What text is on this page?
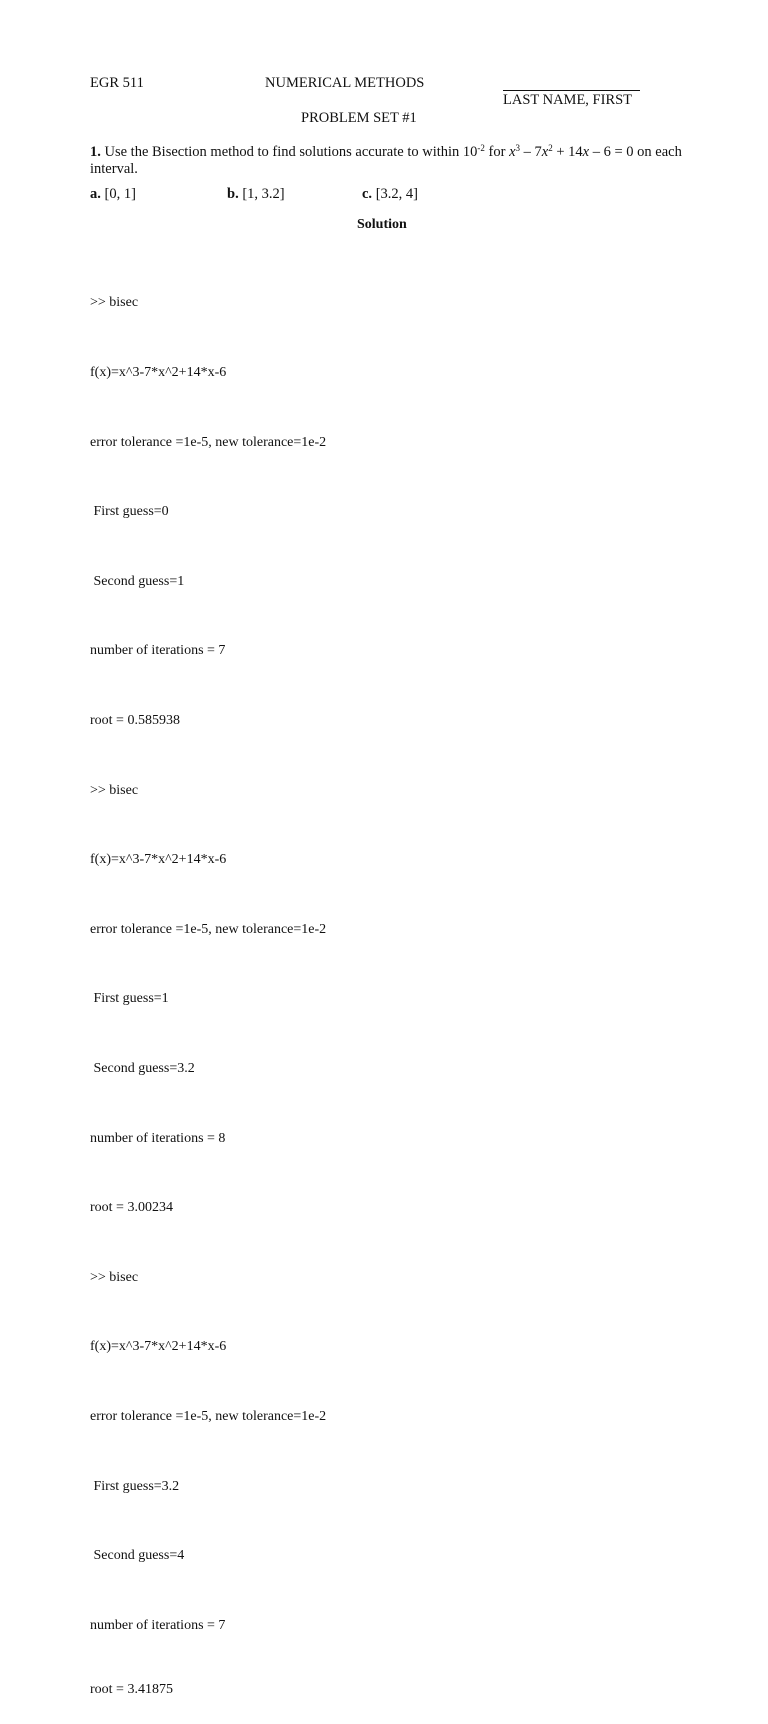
EGR 511	NUMERICAL METHODS
LAST NAME, FIRST
PROBLEM SET #1
1. Use the Bisection method to find solutions accurate to within $10^{-2}$ for $x^3 - 7x^2 + 14x - 6 = 0$ on each interval.
a. [0, 1]	b. [1, 3.2]	c. [3.2, 4]
Solution

>> bisec

f(x)=x^3-7*x^2+14*x-6

error tolerance =1e-5, new tolerance=1e-2

First guess=0

Second guess=1

number of iterations = 7

root = 0.585938

>> bisec

f(x)=x^3-7*x^2+14*x-6

error tolerance =1e-5, new tolerance=1e-2

First guess=1

Second guess=3.2

number of iterations = 8

root = 3.00234

>> bisec

f(x)=x^3-7*x^2+14*x-6

error tolerance =1e-5, new tolerance=1e-2

First guess=3.2

Second guess=4

number of iterations = 7

root = 3.41875
